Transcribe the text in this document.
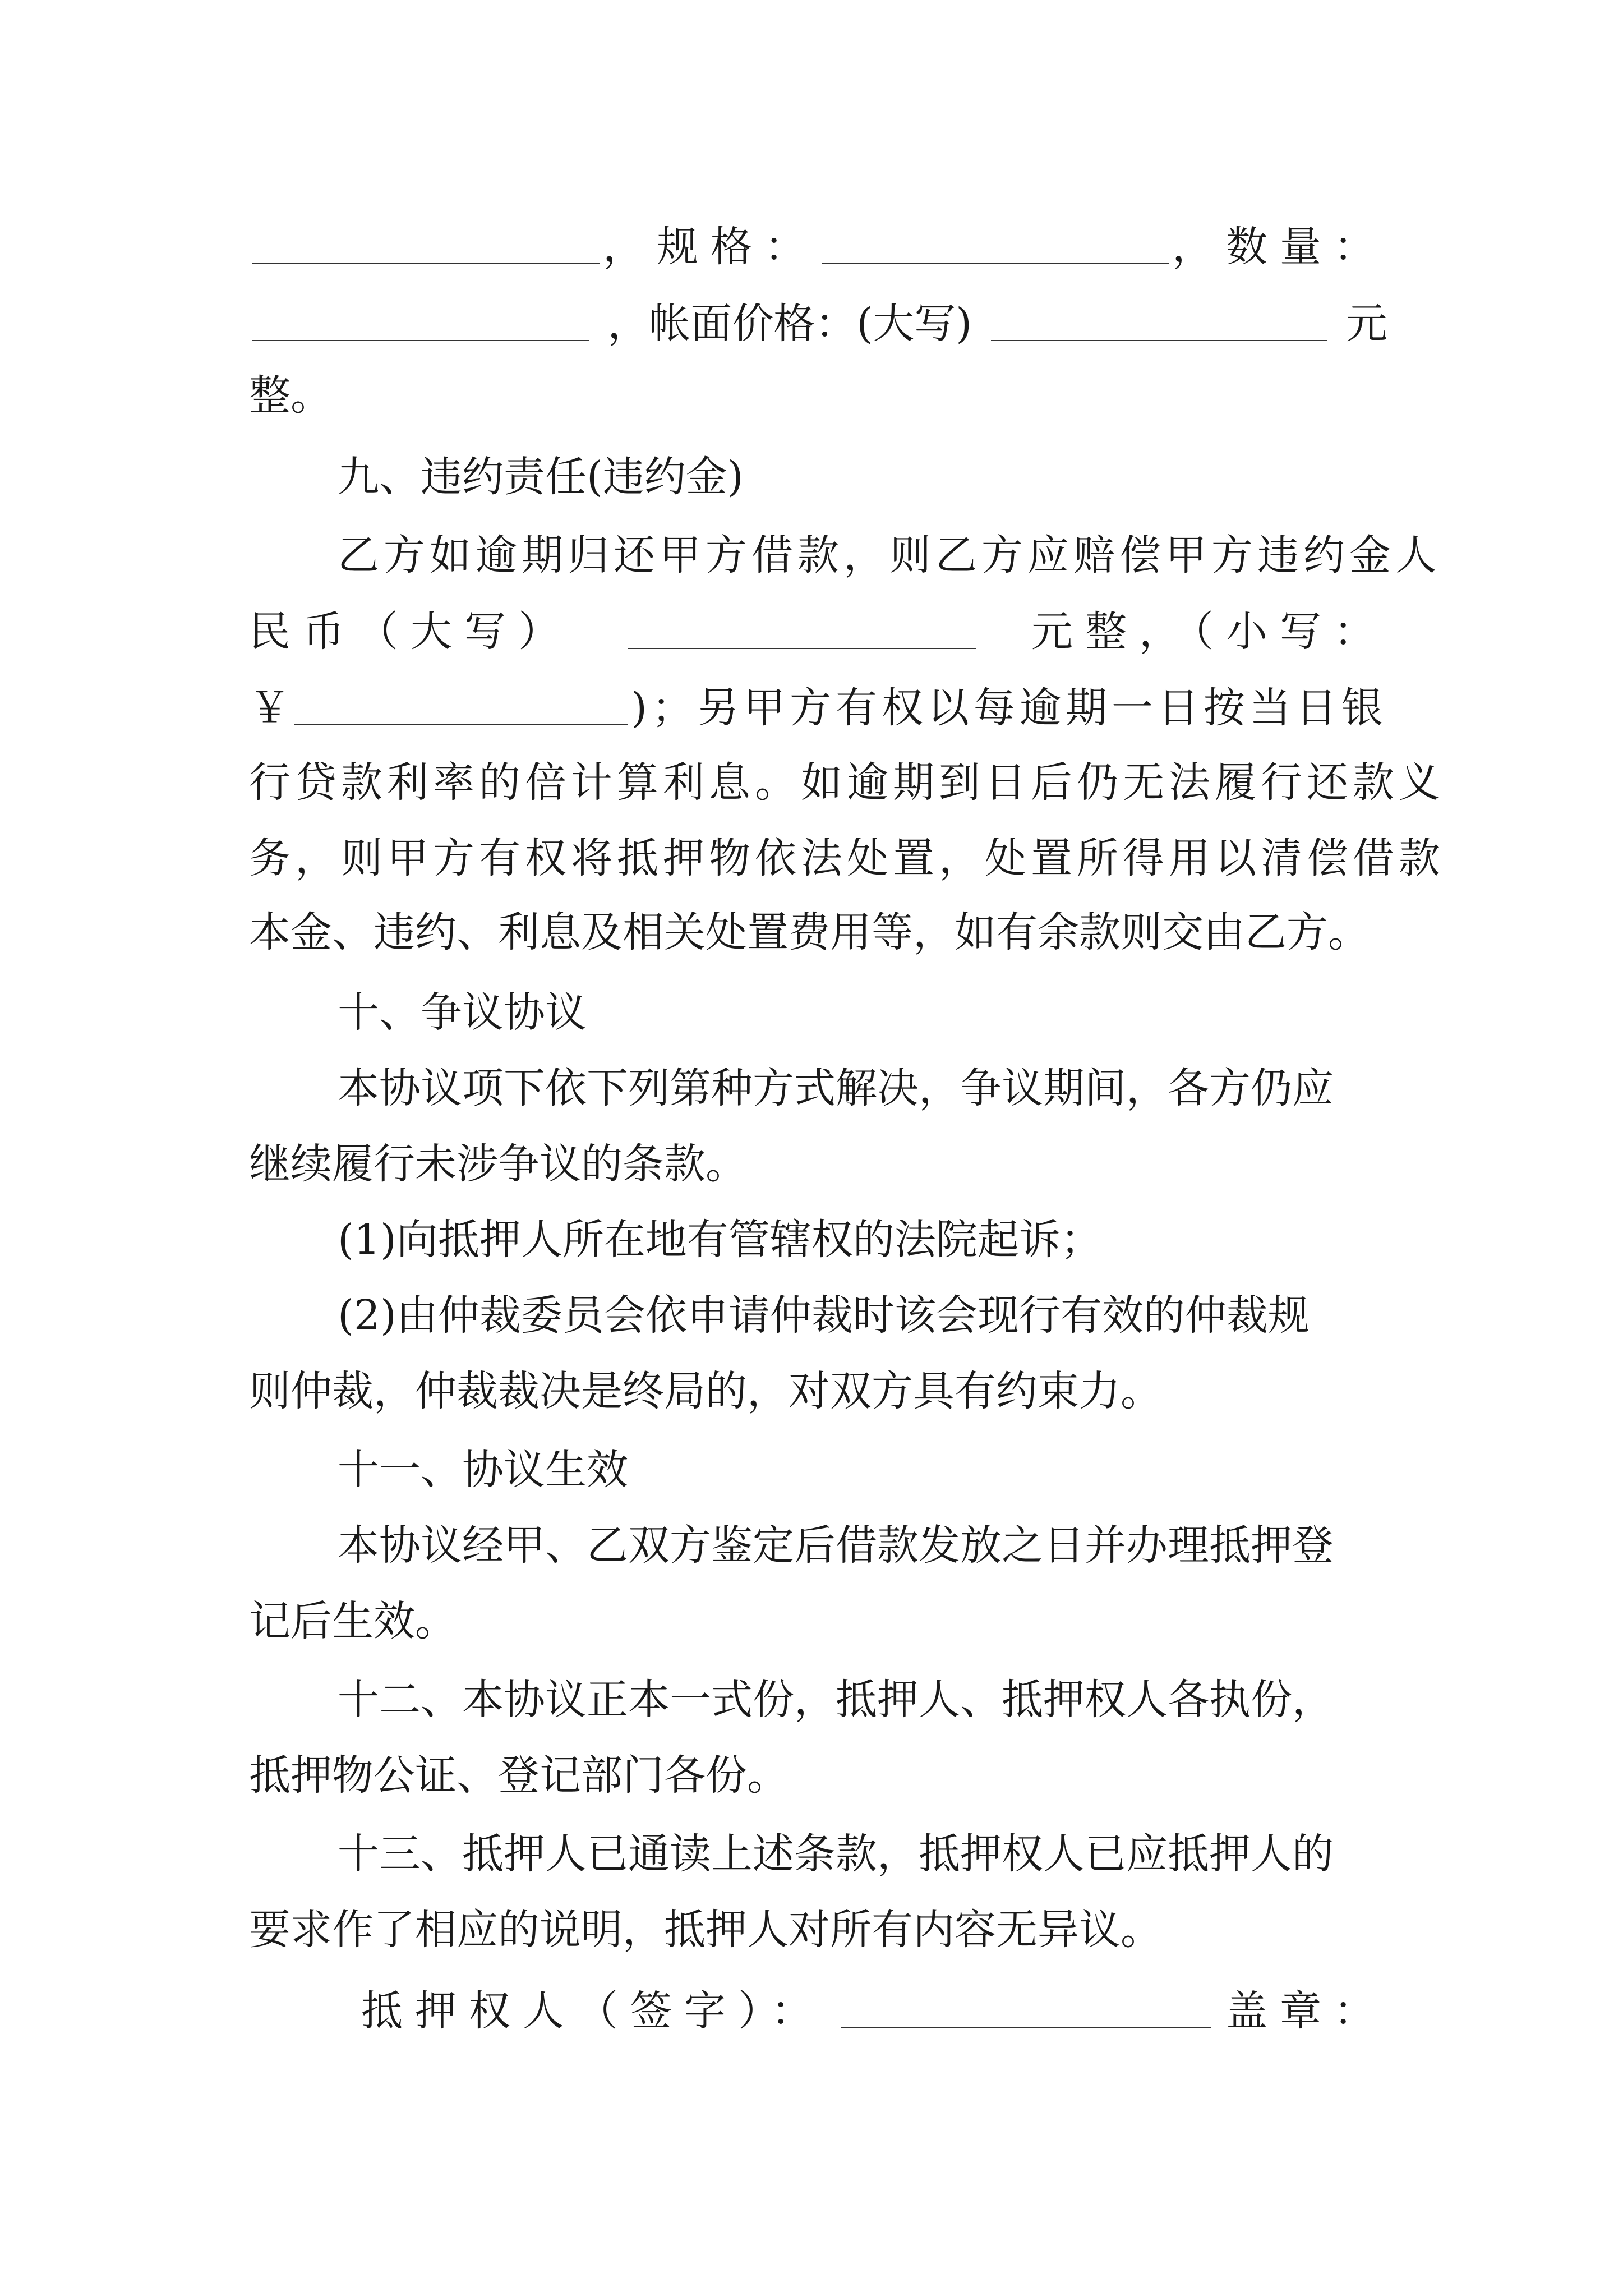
，规格：	，数量：
，帐面价格：(大写)	元
整。
九、违约责任(违约金)
乙方如逾期归还甲方借款，则乙方应赔偿甲方违约金人
民币（大写）	元整，（小写：
￥	)；另甲方有权以每逾期一日按当日银
行贷款利率的倍计算利息。如逾期到日后仍无法履行还款义
务，则甲方有权将抵押物依法处置，处置所得用以清偿借款
本金、违约、利息及相关处置费用等，如有余款则交由乙方。
十、争议协议
本协议项下依下列第种方式解决，争议期间，各方仍应
继续履行未涉争议的条款。
(1)向抵押人所在地有管辖权的法院起诉；
(2)由仲裁委员会依申请仲裁时该会现行有效的仲裁规
则仲裁，仲裁裁决是终局的，对双方具有约束力。
十一、协议生效
本协议经甲、乙双方鉴定后借款发放之日并办理抵押登
记后生效。
十二、本协议正本一式份，抵押人、抵押权人各执份，
抵押物公证、登记部门各份。
十三、抵押人已通读上述条款，抵押权人已应抵押人的
要求作了相应的说明，抵押人对所有内容无异议。
抵押权人（签字）：	盖章：
